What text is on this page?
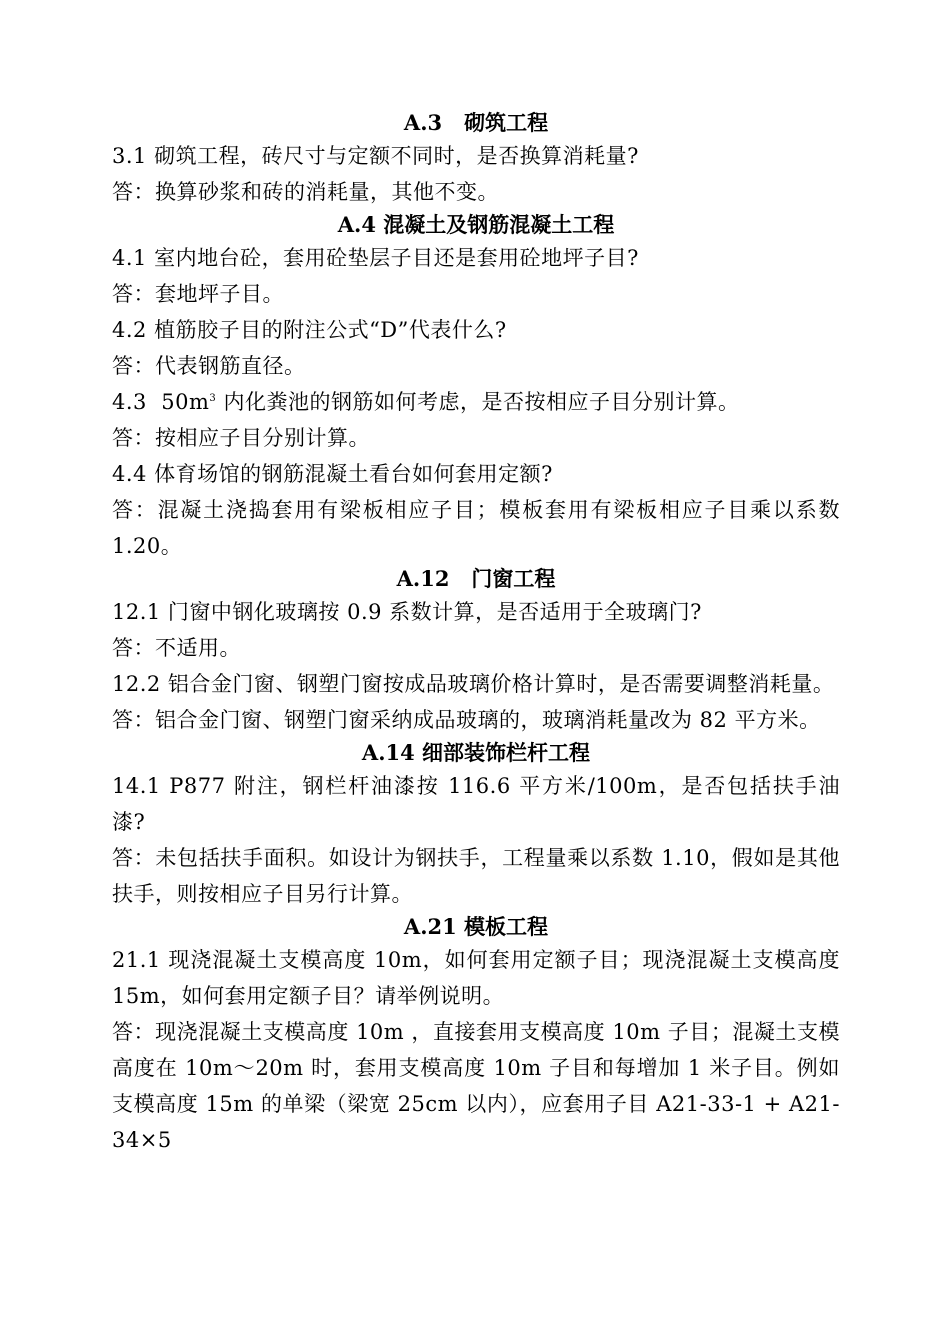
A.3   砌筑工程

3.1 砌筑工程，砖尺寸与定额不同时，是否换算消耗量?

答：换算砂浆和砖的消耗量，其他不变。

A.4 混凝土及钢筋混凝土工程

4.1 室内地台砼，套用砼垫层子目还是套用砼地坪子目?

答：套地坪子目。

4.2 植筋胶子目的附注公式“D”代表什么?

答：代表钢筋直径。

4.3  $50m^3$ 内化粪池的钢筋如何考虑，是否按相应子目分别计算。

答：按相应子目分别计算。

4.4 体育场馆的钢筋混凝土看台如何套用定额?

答：混凝土浇捣套用有梁板相应子目；模板套用有梁板相应子目乘以系数 1.20。

A.12   门窗工程

12.1 门窗中钢化玻璃按 0.9 系数计算，是否适用于全玻璃门?

答：不适用。

12.2 铝合金门窗、钢塑门窗按成品玻璃价格计算时，是否需要调整消耗量。

答：铝合金门窗、钢塑门窗采纳成品玻璃的，玻璃消耗量改为 82 平方米。

A.14 细部装饰栏杆工程

14.1 P877 附注，钢栏杆油漆按 116.6 平方米/100m，是否包括扶手油漆?

答：未包括扶手面积。如设计为钢扶手，工程量乘以系数 1.10，假如是其他扶手，则按相应子目另行计算。

A.21 模板工程

21.1 现浇混凝土支模高度 10m，如何套用定额子目；现浇混凝土支模高度 15m，如何套用定额子目？请举例说明。

答：现浇混凝土支模高度 10m ，直接套用支模高度 10m 子目；混凝土支模高度在 10m～20m 时，套用支模高度 10m 子目和每增加 1 米子目。例如支模高度 15m 的单梁（梁宽 25cm 以内），应套用子目 A21-33-1 + A21-34×5
